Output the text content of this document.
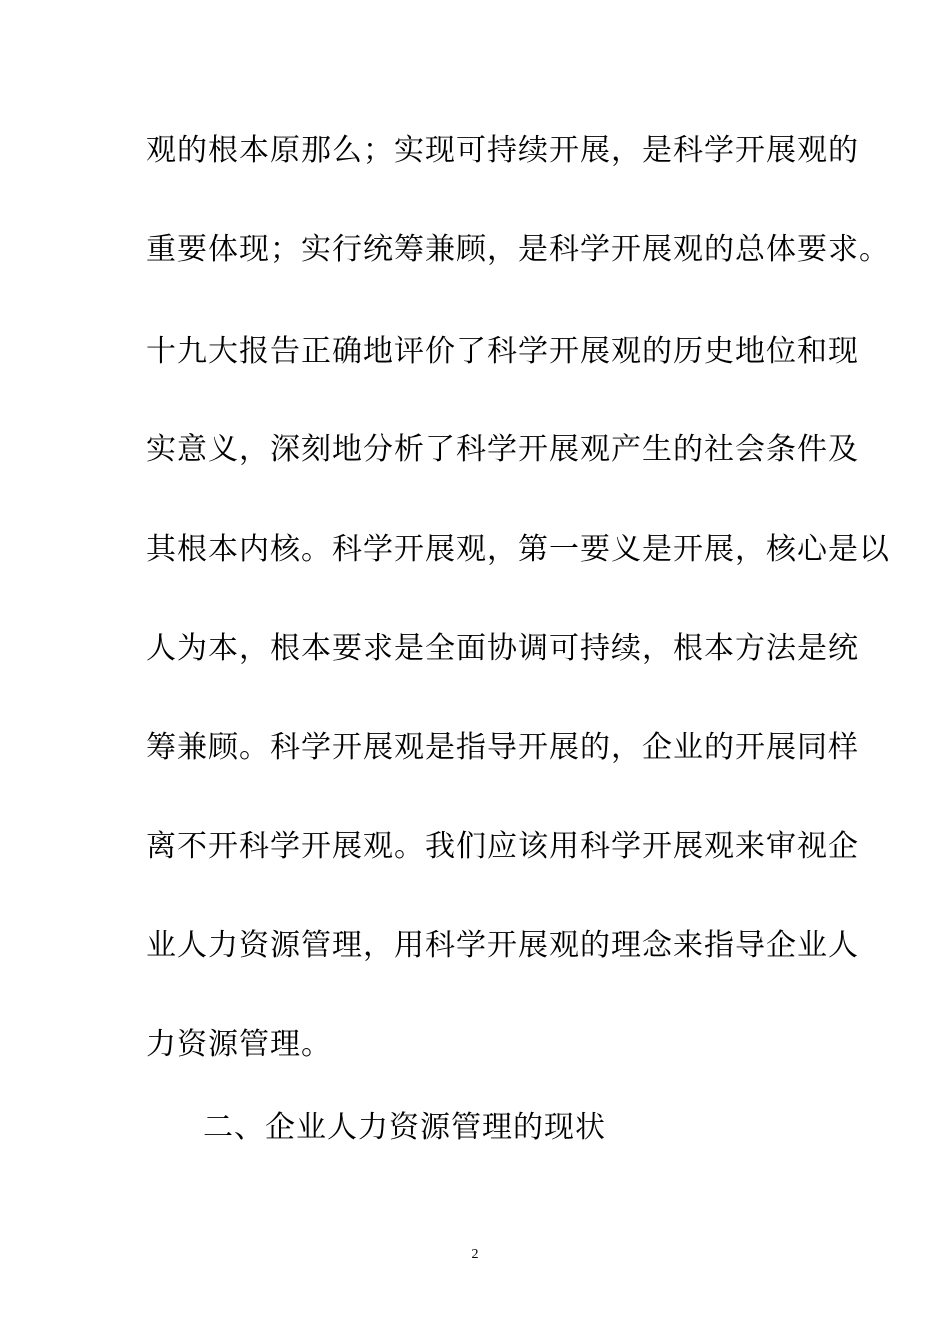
观的根本原那么；实现可持续开展，是科学开展观的
重要体现；实行统筹兼顾，是科学开展观的总体要求。
十九大报告正确地评价了科学开展观的历史地位和现
实意义，深刻地分析了科学开展观产生的社会条件及
其根本内核。科学开展观，第一要义是开展，核心是以
人为本，根本要求是全面协调可持续，根本方法是统
筹兼顾。科学开展观是指导开展的，企业的开展同样
离不开科学开展观。我们应该用科学开展观来审视企
业人力资源管理，用科学开展观的理念来指导企业人
力资源管理。
二、企业人力资源管理的现状
2
